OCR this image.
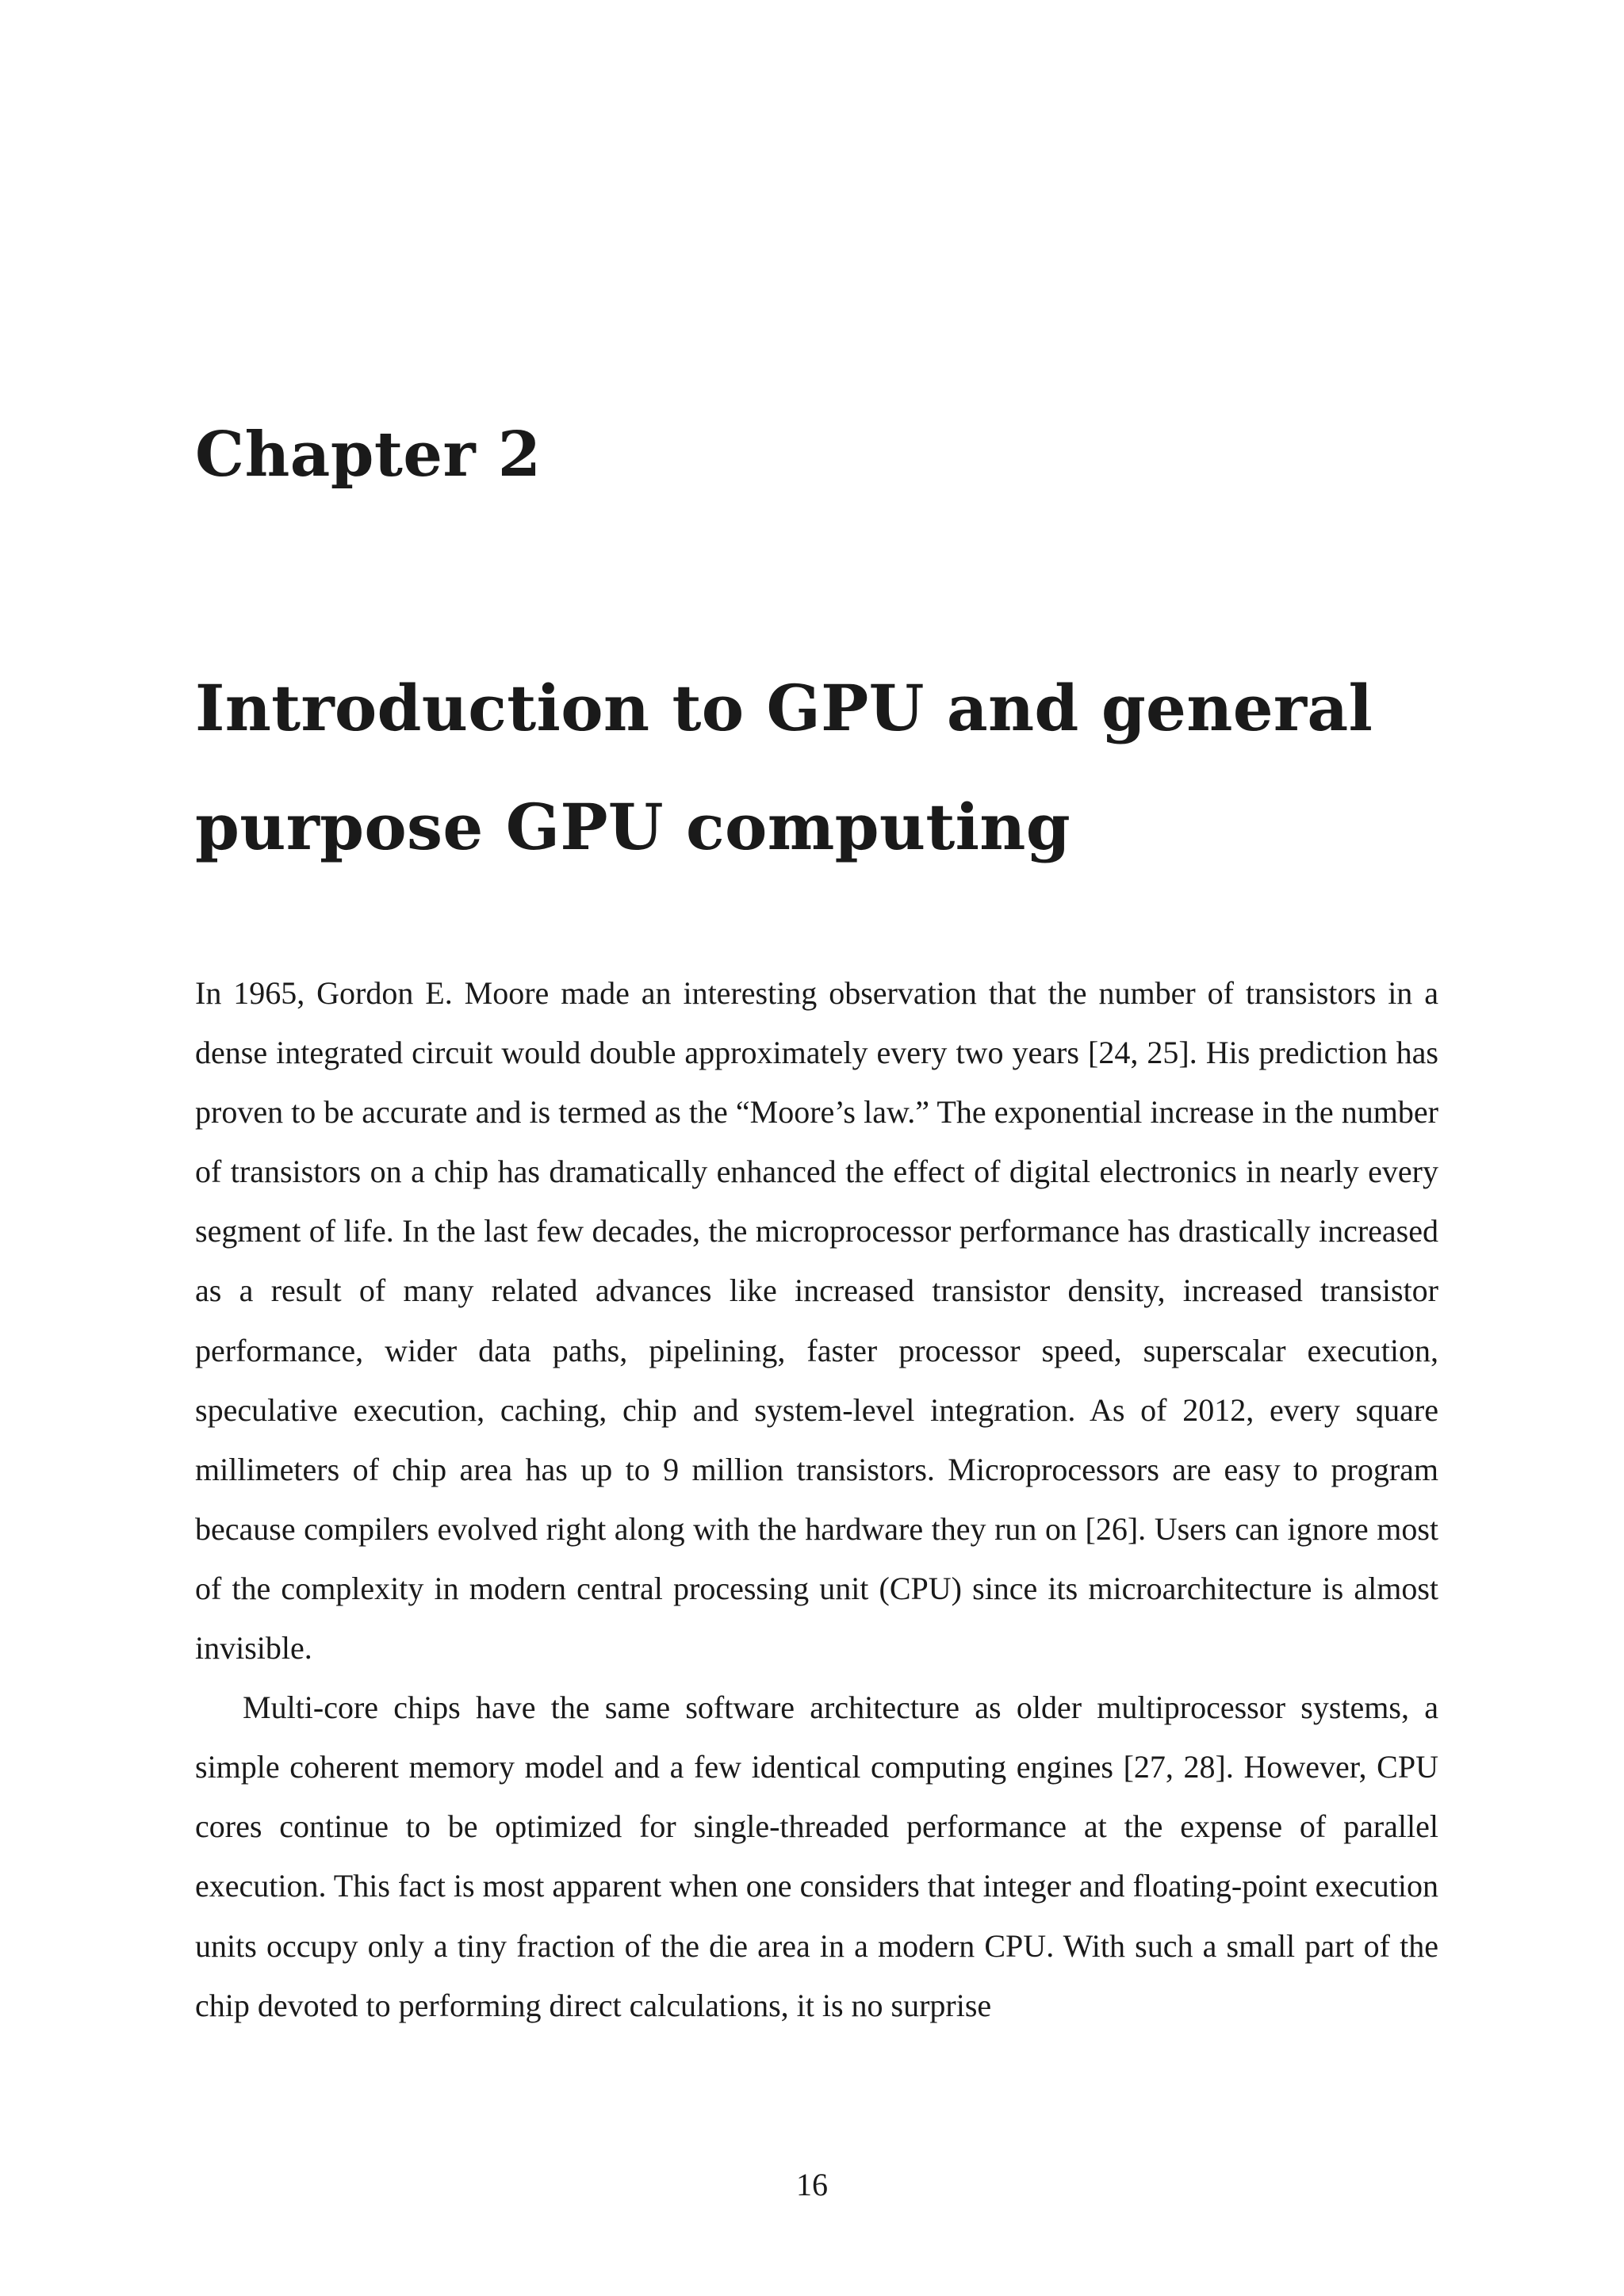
Chapter 2
Introduction to GPU and general purpose GPU computing

In 1965, Gordon E. Moore made an interesting observation that the number of transistors in a dense integrated circuit would double approximately every two years [24, 25]. His prediction has proven to be accurate and is termed as the “Moore’s law.” The exponential increase in the number of transistors on a chip has dramatically enhanced the effect of digital electronics in nearly every segment of life. In the last few decades, the microprocessor performance has drastically increased as a result of many related advances like increased transistor density, increased transistor performance, wider data paths, pipelining, faster processor speed, superscalar execution, speculative execution, caching, chip and system-level integration. As of 2012, every square millimeters of chip area has up to 9 million transistors. Microprocessors are easy to program because compilers evolved right along with the hardware they run on [26]. Users can ignore most of the complexity in modern central processing unit (CPU) since its microarchitecture is almost invisible.

Multi-core chips have the same software architecture as older multiprocessor systems, a simple coherent memory model and a few identical computing engines [27, 28]. However, CPU cores continue to be optimized for single-threaded performance at the expense of parallel execution. This fact is most apparent when one considers that integer and floating-point execution units occupy only a tiny fraction of the die area in a modern CPU. With such a small part of the chip devoted to performing direct calculations, it is no surprise

16
